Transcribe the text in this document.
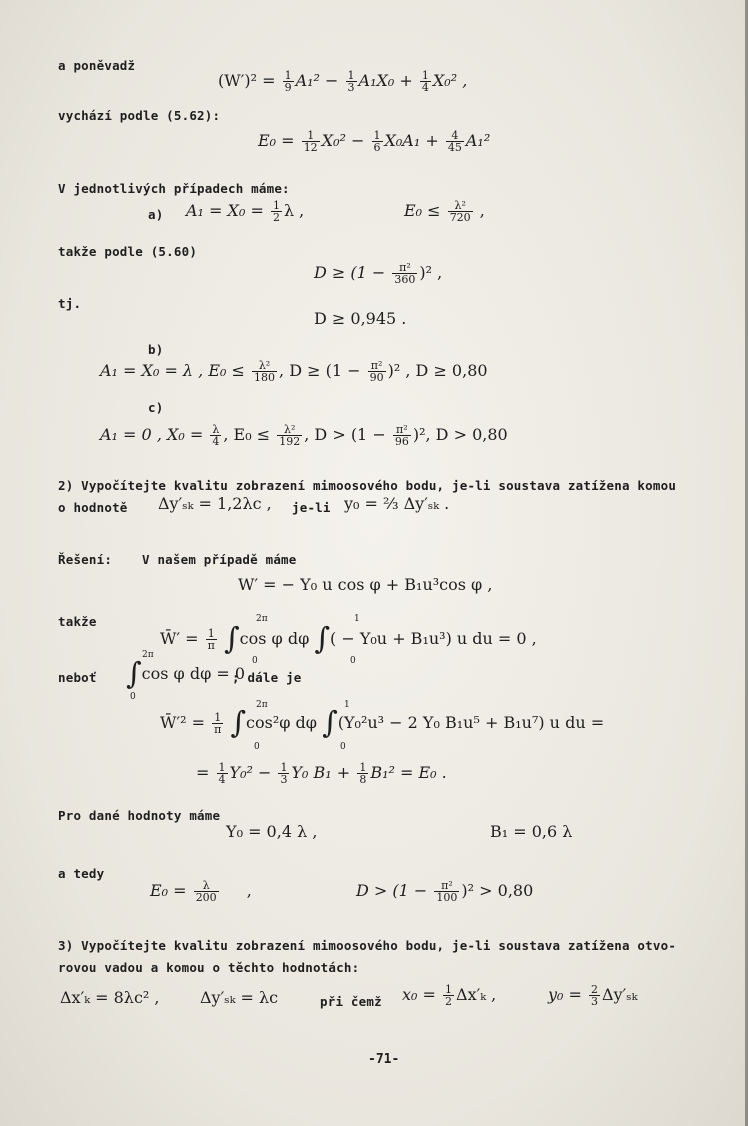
a poněvadž
$(W')^2 = \frac{1}{9} A_1^2 - \frac{1}{3} A_1X_0 + \frac{1}{4} X_0^2$ ,
vychází podle (5.62):
$E_0 = \frac{1}{12} X_0^2 - \frac{1}{6} X_0A_1 + \frac{4}{45} A_1^2$
V jednotlivých případech máme:
a) $A_1 = X_0 = \frac{1}{2}$ λ ,	$E_0 \le \frac{\text{λ²}}{720}$ ,
takže podle (5.60)
$D \ge (1 - \frac{\text{π²}}{360} )^2$ ,
tj.
D ≥ 0,945 .
b)
A₁ = X₀ = λ , $E_0 \le \frac{\text{λ²}}{180}$ , $D \ge (1 - \frac{\text{π²}}{90} )^2$ , D ≥ 0,80
c)
A₁ = 0 , $X_0 = \frac{\lambda}{4}$ , $E_0 \le \frac{\text{λ²}}{192}$ , $D > (1 - \frac{\text{π²}}{96} )^2$, D > 0,80
2) Vypočítejte kvalitu zobrazení mimoosového bodu, je-li soustava zatížena komou
o hodnotě Δy′ₛₖ = 1,2λc , je-li y₀ = ⅔ Δy′ₛₖ .
Řešení: V našem případě máme
W′ = − Y₀ u cos φ + B₁u³cos φ ,
takže
W̄′ = $\frac{1}{\pi} \int\cos$ φ dφ ∫( − Y₀u + B₁u³) u du = 0 ,
2π
0
1
0
neboť ∫cos φ dφ = 0
2π
0
; dále je
W̄′² = $\frac{1}{\pi} \int\cos^2\varphi$ dφ ∫(Y₀²u³ − 2 Y₀ B₁u⁵ + B₁u⁷) u du =
2π
0
1
0
= $\frac{1}{4} Y_0^2 - \frac{1}{3} Y_0$ $B_1 + \frac{1}{8} B_1^2 = E_0$ .
Pro dané hodnoty máme
Y₀ = 0,4 λ ,	B₁ = 0,6 λ
a tedy
$E_0 = \frac{\lambda}{200}$ ,	$D > (1 - \frac{\text{π²}}{100} )^2 > 0,80$
3) Vypočítejte kvalitu zobrazení mimoosového bodu, je-li soustava zatížena otvo-
rovou vadou a komou o těchto hodnotách:
Δx′ₖ = 8λc² ,	Δy′ₛₖ = λc	při čemž $x_0 = \frac{1}{2} \Delta x'_k$ ,	$y_0 = \frac{2}{3} \Delta y'_{sk}$
-71-
